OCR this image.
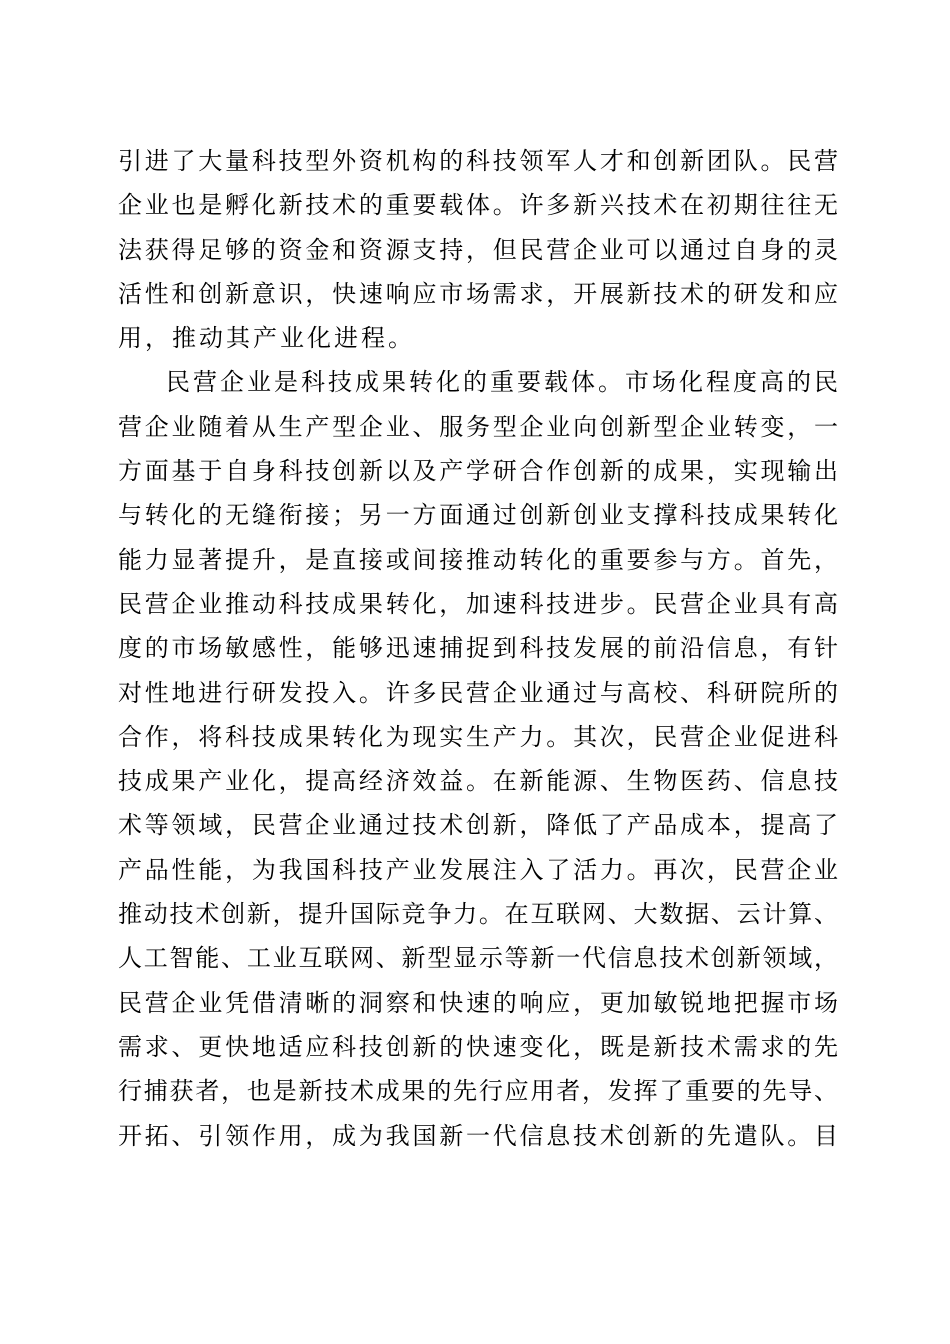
引进了大量科技型外资机构的科技领军人才和创新团队。民营
企业也是孵化新技术的重要载体。许多新兴技术在初期往往无
法获得足够的资金和资源支持，但民营企业可以通过自身的灵
活性和创新意识，快速响应市场需求，开展新技术的研发和应
用，推动其产业化进程。
民营企业是科技成果转化的重要载体。市场化程度高的民
营企业随着从生产型企业、服务型企业向创新型企业转变，一
方面基于自身科技创新以及产学研合作创新的成果，实现输出
与转化的无缝衔接；另一方面通过创新创业支撑科技成果转化
能力显著提升，是直接或间接推动转化的重要参与方。首先，
民营企业推动科技成果转化，加速科技进步。民营企业具有高
度的市场敏感性，能够迅速捕捉到科技发展的前沿信息，有针
对性地进行研发投入。许多民营企业通过与高校、科研院所的
合作，将科技成果转化为现实生产力。其次，民营企业促进科
技成果产业化，提高经济效益。在新能源、生物医药、信息技
术等领域，民营企业通过技术创新，降低了产品成本，提高了
产品性能，为我国科技产业发展注入了活力。再次，民营企业
推动技术创新，提升国际竞争力。在互联网、大数据、云计算、
人工智能、工业互联网、新型显示等新一代信息技术创新领域，
民营企业凭借清晰的洞察和快速的响应，更加敏锐地把握市场
需求、更快地适应科技创新的快速变化，既是新技术需求的先
行捕获者，也是新技术成果的先行应用者，发挥了重要的先导、
开拓、引领作用，成为我国新一代信息技术创新的先遣队。目
